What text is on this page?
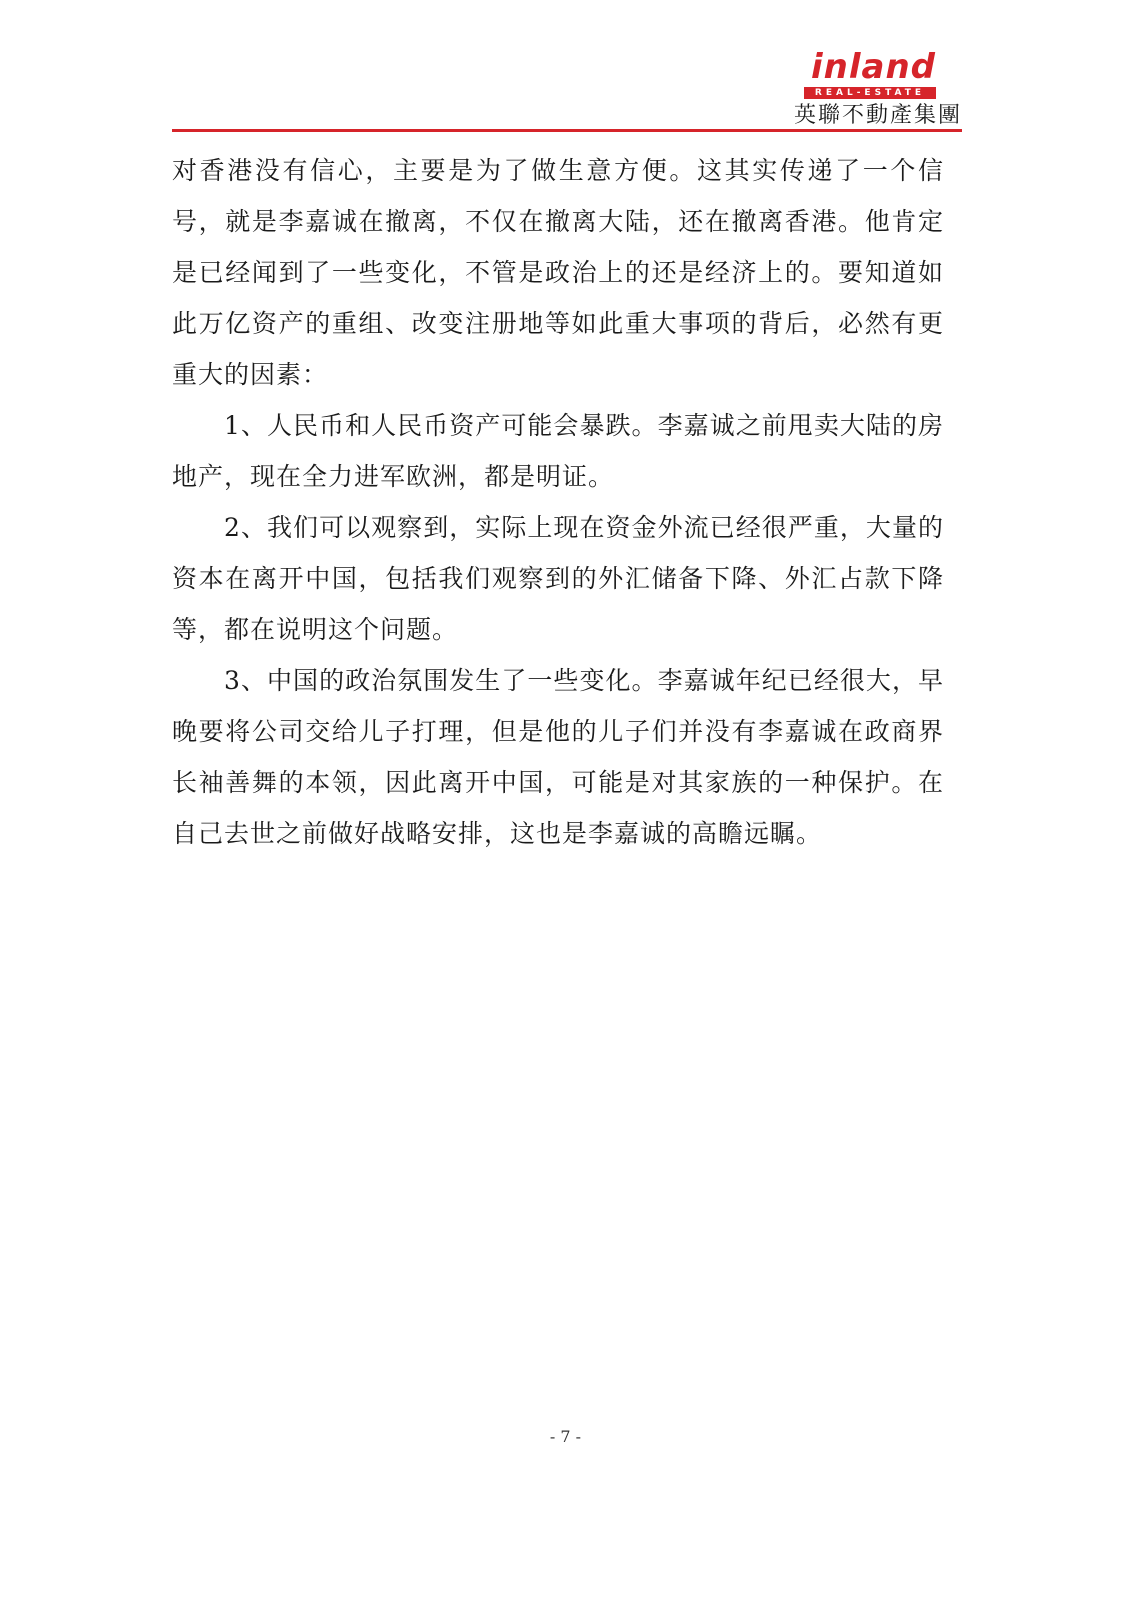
inland
REAL-ESTATE
英聯不動產集團

对香港没有信心，主要是为了做生意方便。这其实传递了一个信号，就是李嘉诚在撤离，不仅在撤离大陆，还在撤离香港。他肯定是已经闻到了一些变化，不管是政治上的还是经济上的。要知道如此万亿资产的重组、改变注册地等如此重大事项的背后，必然有更重大的因素：

1、人民币和人民币资产可能会暴跌。李嘉诚之前甩卖大陆的房地产，现在全力进军欧洲，都是明证。

2、我们可以观察到，实际上现在资金外流已经很严重，大量的资本在离开中国，包括我们观察到的外汇储备下降、外汇占款下降等，都在说明这个问题。

3、中国的政治氛围发生了一些变化。李嘉诚年纪已经很大，早晚要将公司交给儿子打理，但是他的儿子们并没有李嘉诚在政商界长袖善舞的本领，因此离开中国，可能是对其家族的一种保护。在自己去世之前做好战略安排，这也是李嘉诚的高瞻远瞩。

- 7 -
